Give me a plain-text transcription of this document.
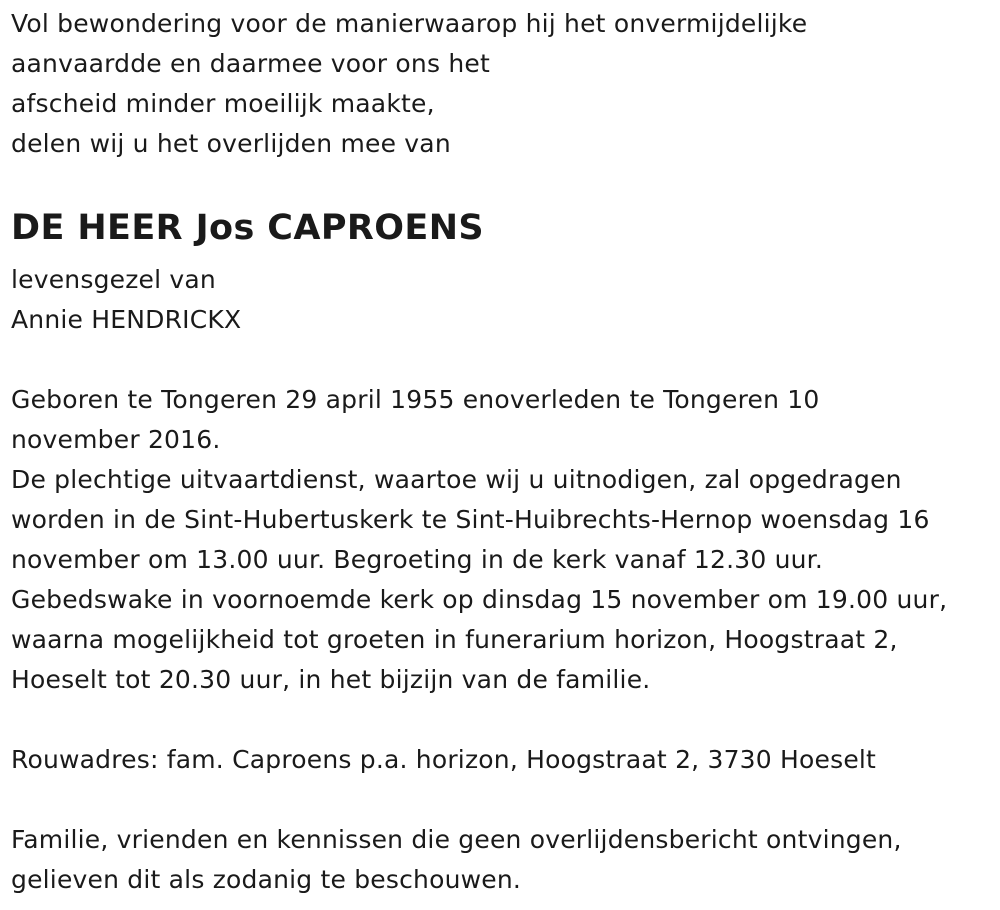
Vol bewondering voor de manierwaarop hij het onvermijdelijke
aanvaardde en daarmee voor ons het
afscheid minder moeilijk maakte,
delen wij u het overlijden mee van
DE HEER Jos CAPROENS
levensgezel van
Annie HENDRICKX
Geboren te Tongeren 29 april 1955 enoverleden te Tongeren 10
november 2016.
De plechtige uitvaartdienst, waartoe wij u uitnodigen, zal opgedragen
worden in de Sint-Hubertuskerk te Sint-Huibrechts-Hernop woensdag 16
november om 13.00 uur. Begroeting in de kerk vanaf 12.30 uur.
Gebedswake in voornoemde kerk op dinsdag 15 november om 19.00 uur,
waarna mogelijkheid tot groeten in funerarium horizon, Hoogstraat 2,
Hoeselt tot 20.30 uur, in het bijzijn van de familie.
Rouwadres: fam. Caproens p.a. horizon, Hoogstraat 2, 3730 Hoeselt
Familie, vrienden en kennissen die geen overlijdensbericht ontvingen,
gelieven dit als zodanig te beschouwen.
